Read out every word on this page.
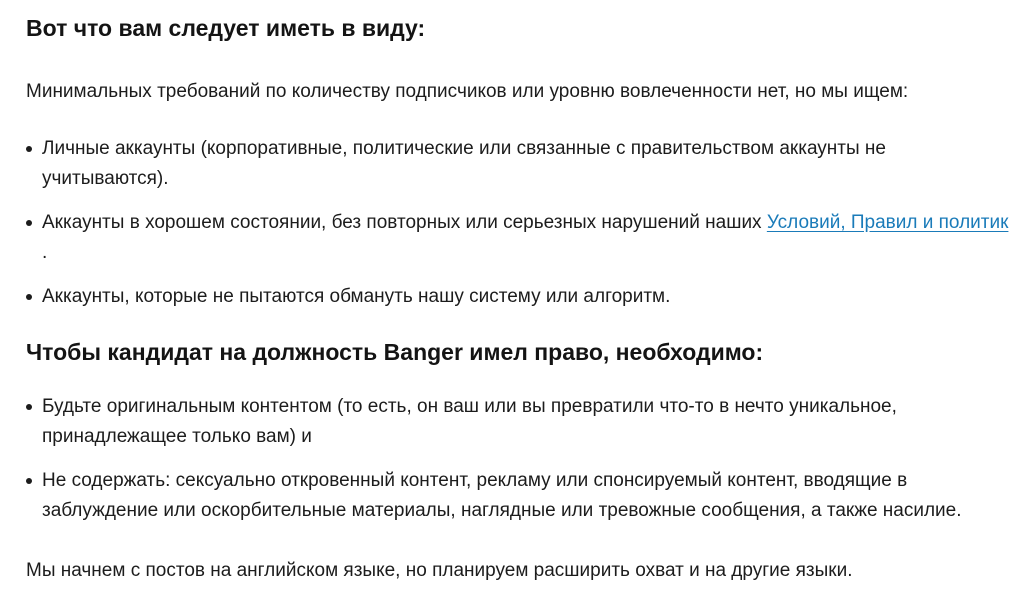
Вот что вам следует иметь в виду:

Минимальных требований по количеству подписчиков или уровню вовлеченности нет, но мы ищем:

Личные аккаунты (корпоративные, политические или связанные с правительством аккаунты не учитываются).
Аккаунты в хорошем состоянии, без повторных или серьезных нарушений наших Условий, Правил и политик .
Аккаунты, которые не пытаются обмануть нашу систему или алгоритм.
Чтобы кандидат на должность Banger имел право, необходимо:
Будьте оригинальным контентом (то есть, он ваш или вы превратили что-то в нечто уникальное, принадлежащее только вам) и
Не содержать: сексуально откровенный контент, рекламу или спонсируемый контент, вводящие в заблуждение или оскорбительные материалы, наглядные или тревожные сообщения, а также насилие.

Мы начнем с постов на английском языке, но планируем расширить охват и на другие языки.
